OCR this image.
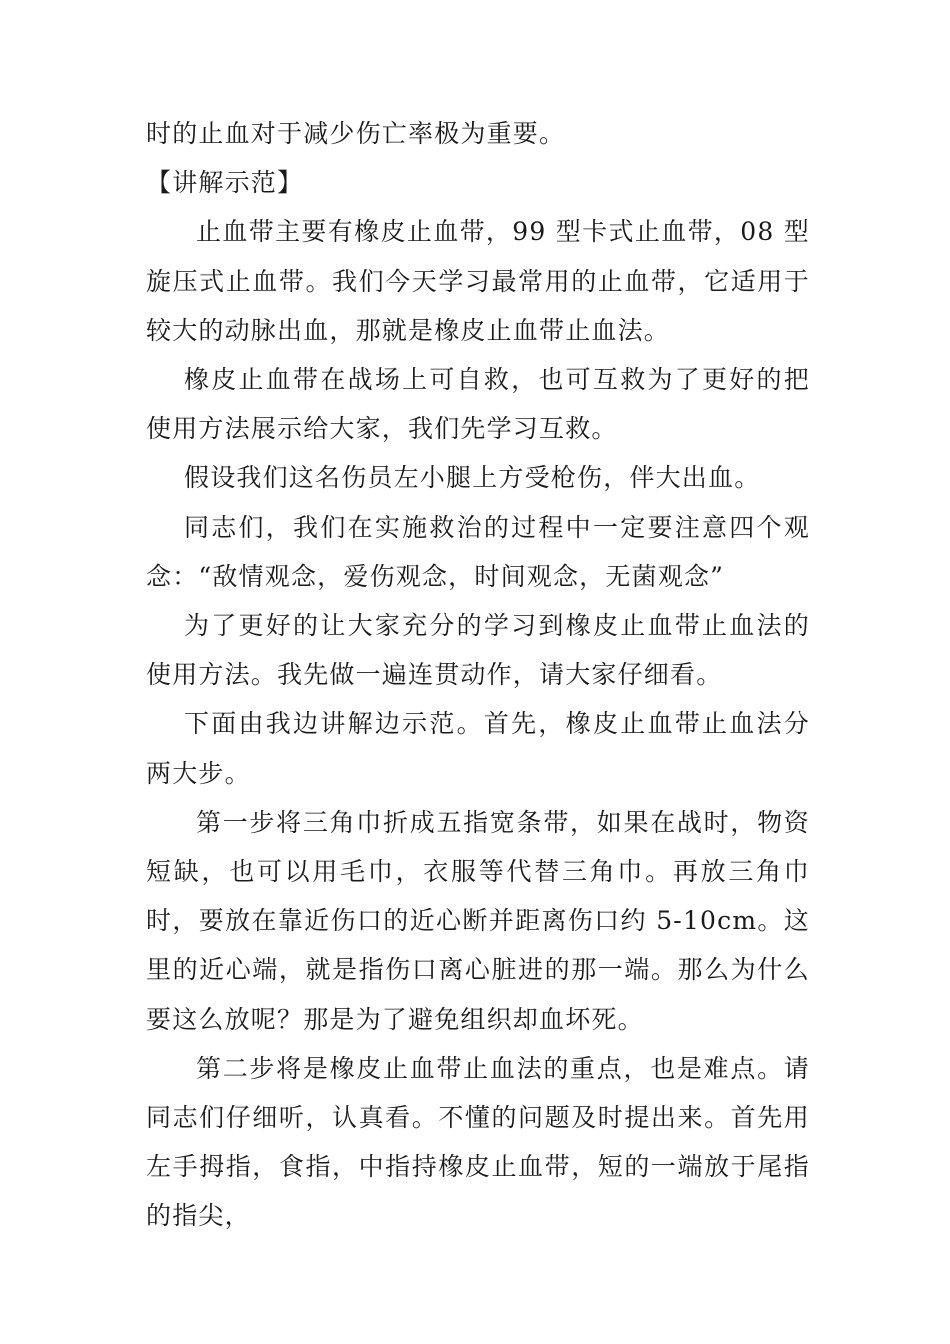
时的止血对于减少伤亡率极为重要。

【讲解示范】

止血带主要有橡皮止血带，99 型卡式止血带，08 型旋压式止血带。我们今天学习最常用的止血带，它适用于较大的动脉出血，那就是橡皮止血带止血法。

橡皮止血带在战场上可自救，也可互救为了更好的把使用方法展示给大家，我们先学习互救。

假设我们这名伤员左小腿上方受枪伤，伴大出血。

同志们，我们在实施救治的过程中一定要注意四个观念：“敌情观念，爱伤观念，时间观念，无菌观念”

为了更好的让大家充分的学习到橡皮止血带止血法的使用方法。我先做一遍连贯动作，请大家仔细看。

下面由我边讲解边示范。首先，橡皮止血带止血法分两大步。

第一步将三角巾折成五指宽条带，如果在战时，物资短缺，也可以用毛巾，衣服等代替三角巾。再放三角巾时，要放在靠近伤口的近心断并距离伤口约 5-10cm。这里的近心端，就是指伤口离心脏进的那一端。那么为什么要这么放呢？那是为了避免组织却血坏死。

第二步将是橡皮止血带止血法的重点，也是难点。请同志们仔细听，认真看。不懂的问题及时提出来。首先用左手拇指，食指，中指持橡皮止血带，短的一端放于尾指的指尖，
